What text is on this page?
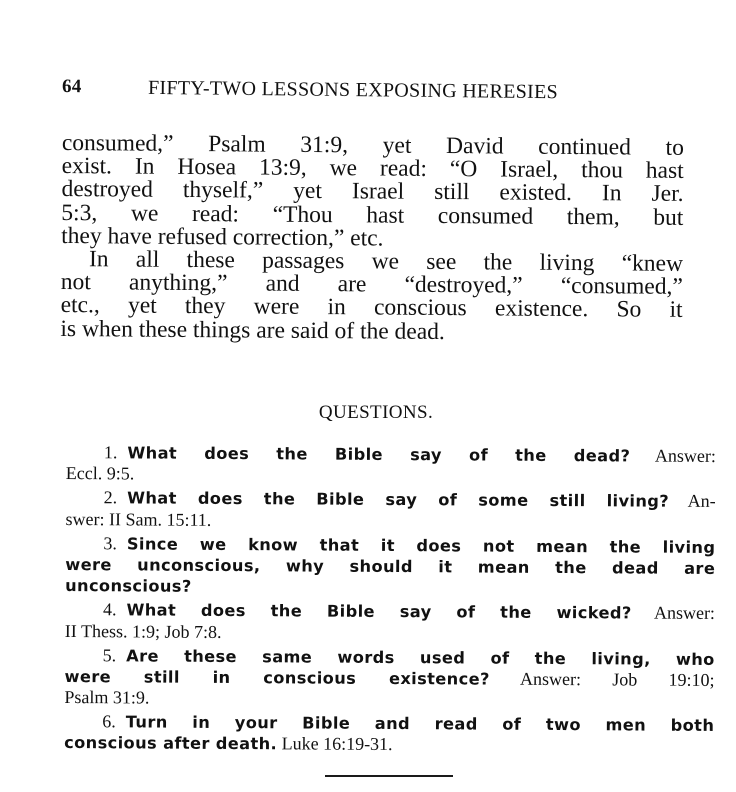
64	FIFTY-TWO LESSONS EXPOSING HERESIES
consumed,” Psalm 31:9, yet David continued to
exist. In Hosea 13:9, we read: “O Israel, thou hast
destroyed thyself,” yet Israel still existed. In Jer.
5:3, we read: “Thou hast consumed them, but
they have refused correction,” etc.
In all these passages we see the living “knew
not anything,” and are “destroyed,” “consumed,”
etc., yet they were in conscious existence. So it
is when these things are said of the dead.
QUESTIONS.
1. What does the Bible say of the dead? Answer:
Eccl. 9:5.
2. What does the Bible say of some still living? An-
swer: II Sam. 15:11.
3. Since we know that it does not mean the living
were unconscious, why should it mean the dead are
unconscious?
4. What does the Bible say of the wicked? Answer:
II Thess. 1:9; Job 7:8.
5. Are these same words used of the living, who
were still in conscious existence? Answer: Job 19:10;
Psalm 31:9.
6. Turn in your Bible and read of two men both
conscious after death. Luke 16:19-31.
